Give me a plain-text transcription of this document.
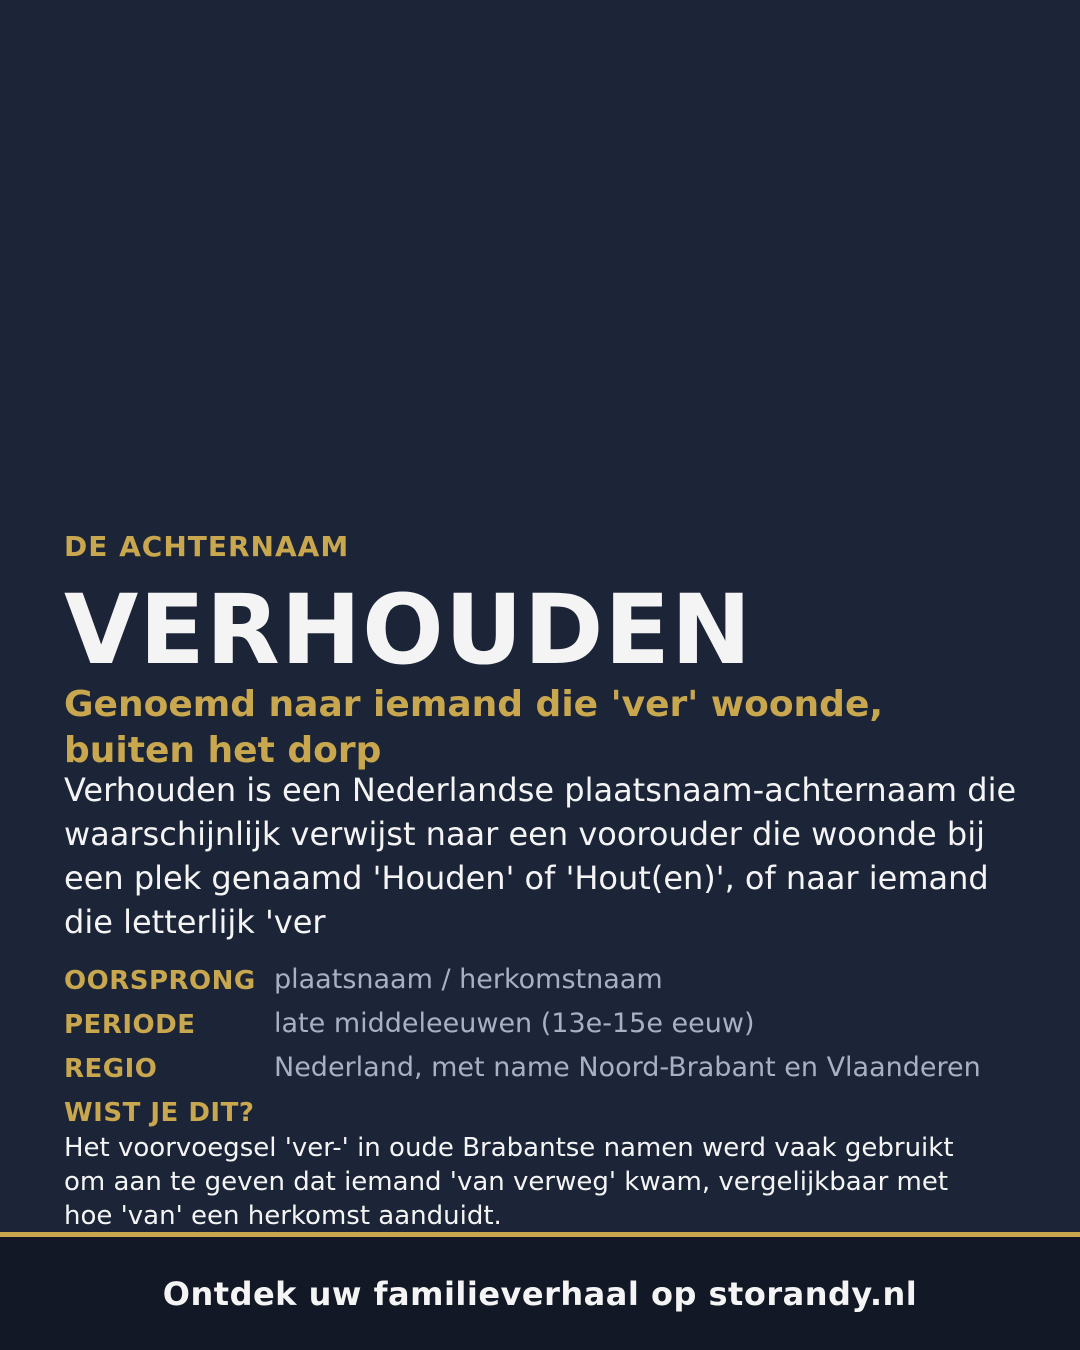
DE ACHTERNAAM
VERHOUDEN
Genoemd naar iemand die 'ver' woonde, buiten het dorp
Verhouden is een Nederlandse plaatsnaam-achternaam die waarschijnlijk verwijst naar een voorouder die woonde bij een plek genaamd 'Houden' of 'Hout(en)', of naar iemand die letterlijk 'ver
OORSPRONG plaatsnaam / herkomstnaam
PERIODE	late middeleeuwen (13e-15e eeuw)
REGIO	Nederland, met name Noord-Brabant en Vlaanderen
WIST JE DIT?
Het voorvoegsel 'ver-' in oude Brabantse namen werd vaak gebruikt om aan te geven dat iemand 'van verweg' kwam, vergelijkbaar met hoe 'van' een herkomst aanduidt.
Ontdek uw familieverhaal op storandy.nl
